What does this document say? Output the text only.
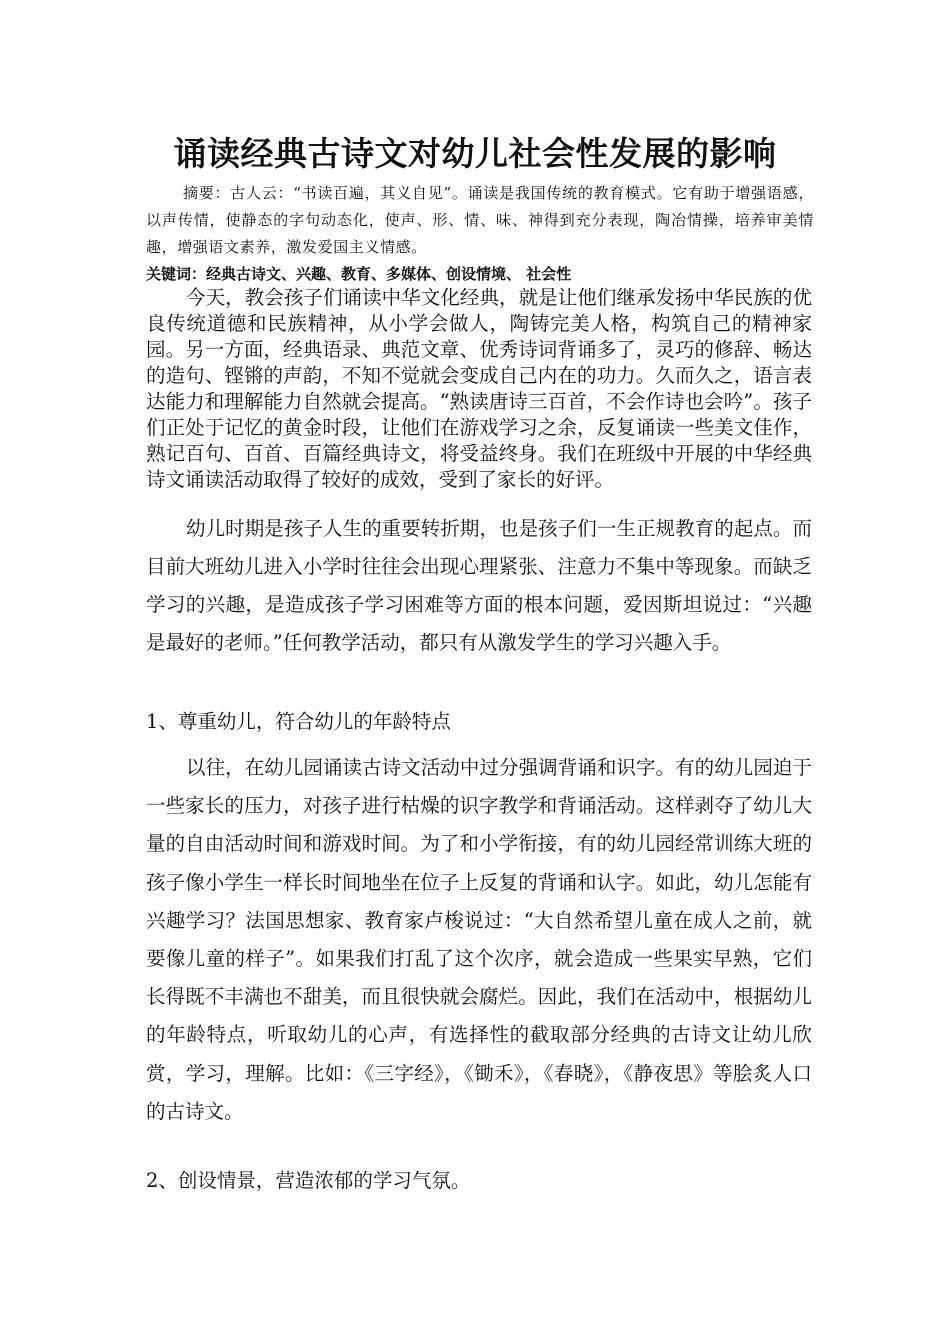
诵读经典古诗文对幼儿社会性发展的影响
摘要：古人云：“书读百遍，其义自见”。诵读是我国传统的教育模式。它有助于增强语感，以声传情，使静态的字句动态化，使声、形、情、味、神得到充分表现，陶冶情操，培养审美情趣，增强语文素养，激发爱国主义情感。
关键词：经典古诗文、兴趣、教育、多媒体、创设情境、 社会性
今天，教会孩子们诵读中华文化经典，就是让他们继承发扬中华民族的优良传统道德和民族精神，从小学会做人，陶铸完美人格，构筑自己的精神家园。另一方面，经典语录、典范文章、优秀诗词背诵多了，灵巧的修辞、畅达的造句、铿锵的声韵，不知不觉就会变成自己内在的功力。久而久之，语言表达能力和理解能力自然就会提高。“熟读唐诗三百首，不会作诗也会吟”。孩子们正处于记忆的黄金时段，让他们在游戏学习之余，反复诵读一些美文佳作，熟记百句、百首、百篇经典诗文，将受益终身。我们在班级中开展的中华经典诗文诵读活动取得了较好的成效，受到了家长的好评。
幼儿时期是孩子人生的重要转折期，也是孩子们一生正规教育的起点。而目前大班幼儿进入小学时往往会出现心理紧张、注意力不集中等现象。而缺乏学习的兴趣，是造成孩子学习困难等方面的根本问题，爱因斯坦说过：“兴趣是最好的老师。”任何教学活动，都只有从激发学生的学习兴趣入手。
1、尊重幼儿，符合幼儿的年龄特点
以往，在幼儿园诵读古诗文活动中过分强调背诵和识字。有的幼儿园迫于一些家长的压力，对孩子进行枯燥的识字教学和背诵活动。这样剥夺了幼儿大量的自由活动时间和游戏时间。为了和小学衔接，有的幼儿园经常训练大班的孩子像小学生一样长时间地坐在位子上反复的背诵和认字。如此，幼儿怎能有兴趣学习？法国思想家、教育家卢梭说过：“大自然希望儿童在成人之前，就要像儿童的样子”。如果我们打乱了这个次序，就会造成一些果实早熟，它们长得既不丰满也不甜美，而且很快就会腐烂。因此，我们在活动中，根据幼儿的年龄特点，听取幼儿的心声，有选择性的截取部分经典的古诗文让幼儿欣赏，学习，理解。比如：《三字经》，《锄禾》，《春晓》，《静夜思》等脍炙人口的古诗文。
2、创设情景，营造浓郁的学习气氛。
